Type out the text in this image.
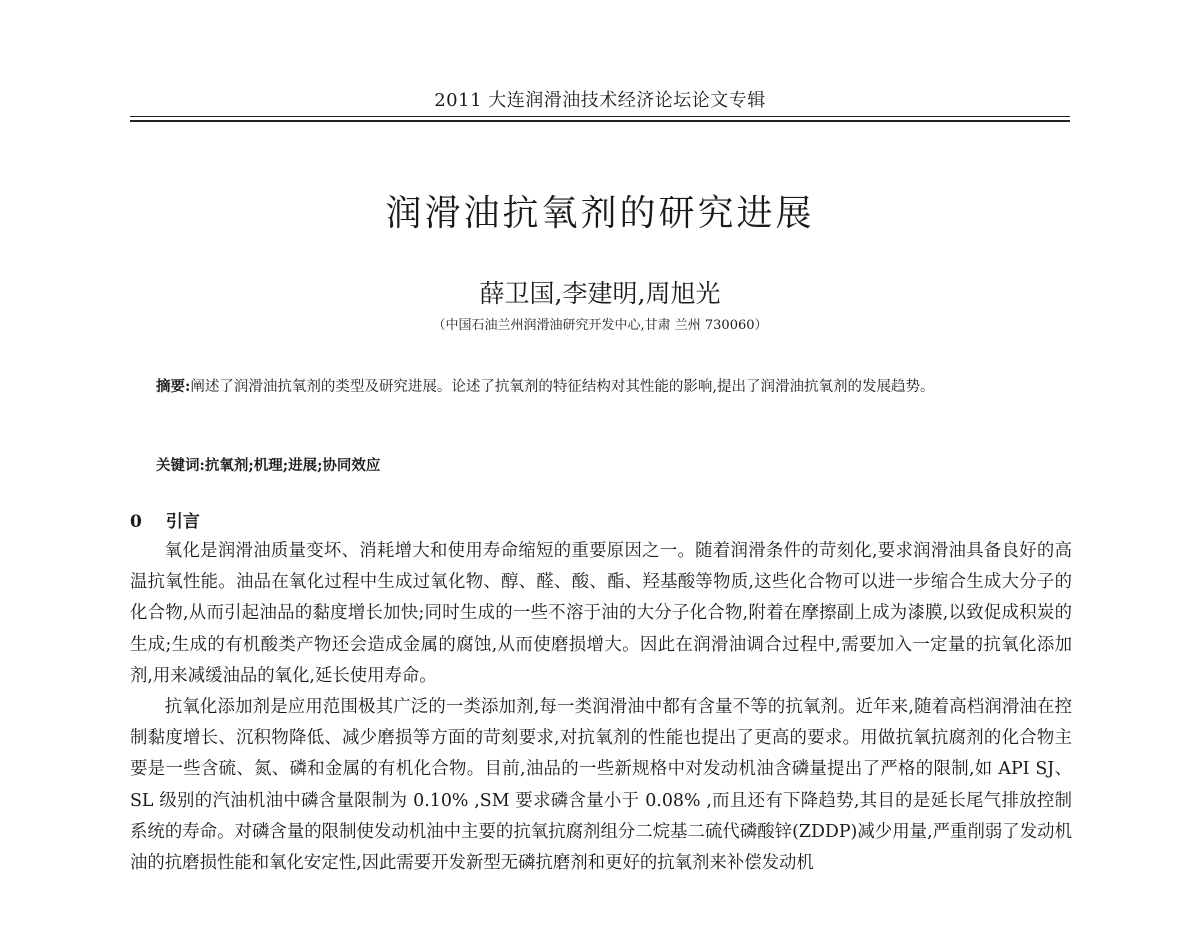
2011 大连润滑油技术经济论坛论文专辑
润滑油抗氧剂的研究进展
薛卫国,李建明,周旭光
（中国石油兰州润滑油研究开发中心,甘肃 兰州 730060）
摘要:阐述了润滑油抗氧剂的类型及研究进展。论述了抗氧剂的特征结构对其性能的影响,提出了润滑油抗氧剂的发展趋势。
关键词:抗氧剂;机理;进展;协同效应
0 引言

氧化是润滑油质量变坏、消耗增大和使用寿命缩短的重要原因之一。随着润滑条件的苛刻化,要求润滑油具备良好的高温抗氧性能。油品在氧化过程中生成过氧化物、醇、醛、酸、酯、羟基酸等物质,这些化合物可以进一步缩合生成大分子的化合物,从而引起油品的黏度增长加快;同时生成的一些不溶于油的大分子化合物,附着在摩擦副上成为漆膜,以致促成积炭的生成;生成的有机酸类产物还会造成金属的腐蚀,从而使磨损增大。因此在润滑油调合过程中,需要加入一定量的抗氧化添加剂,用来减缓油品的氧化,延长使用寿命。

抗氧化添加剂是应用范围极其广泛的一类添加剂,每一类润滑油中都有含量不等的抗氧剂。近年来,随着高档润滑油在控制黏度增长、沉积物降低、减少磨损等方面的苛刻要求,对抗氧剂的性能也提出了更高的要求。用做抗氧抗腐剂的化合物主要是一些含硫、氮、磷和金属的有机化合物。目前,油品的一些新规格中对发动机油含磷量提出了严格的限制,如 API SJ、SL 级别的汽油机油中磷含量限制为 0.10% ,SM 要求磷含量小于 0.08% ,而且还有下降趋势,其目的是延长尾气排放控制系统的寿命。对磷含量的限制使发动机油中主要的抗氧抗腐剂组分二烷基二硫代磷酸锌(ZDDP)减少用量,严重削弱了发动机油的抗磨损性能和氧化安定性,因此需要开发新型无磷抗磨剂和更好的抗氧剂来补偿发动机
